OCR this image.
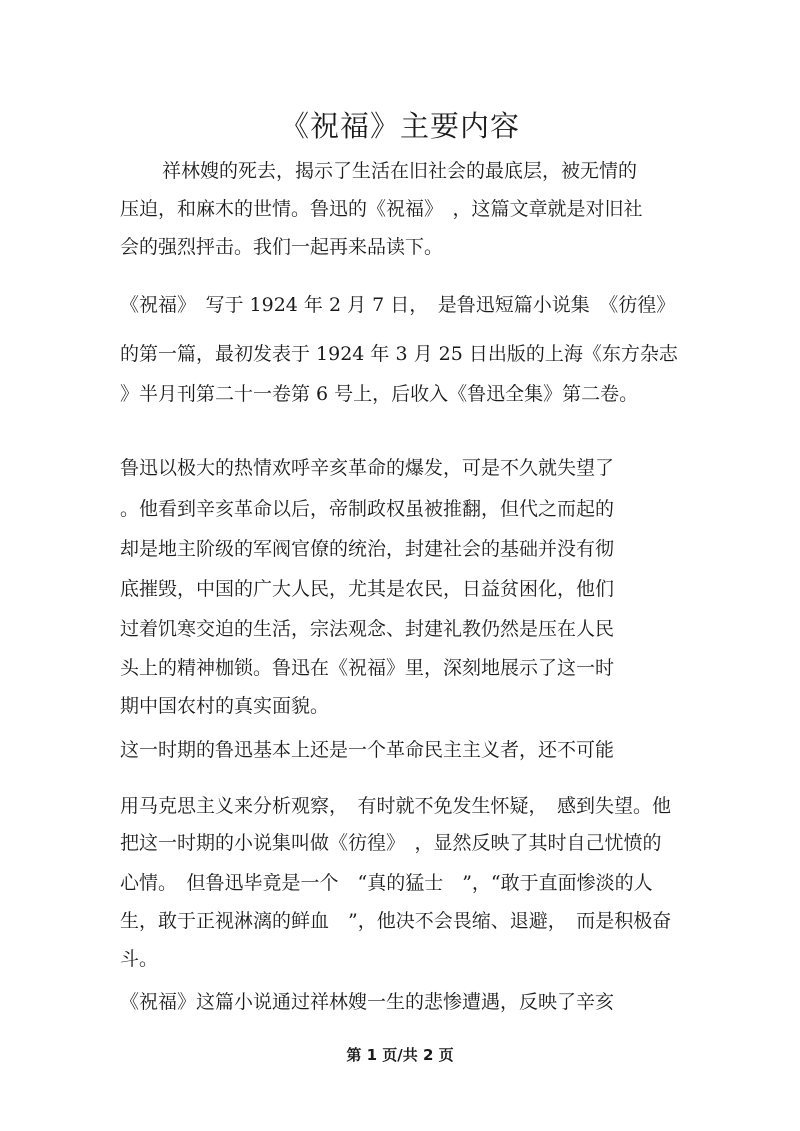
《祝福》主要内容

祥林嫂的死去，揭示了生活在旧社会的最底层，被无情的

压迫，和麻木的世情。鲁迅的《祝福》　，这篇文章就是对旧社

会的强烈抨击。我们一起再来品读下。

《祝福》　写于 1924 年 2 月 7 日，　是鲁迅短篇小说集　《彷徨》

的第一篇，最初发表于 1924 年 3 月 25 日出版的上海《东方杂志

》半月刊第二十一卷第 6 号上，后收入《鲁迅全集》第二卷。

鲁迅以极大的热情欢呼辛亥革命的爆发，可是不久就失望了

。他看到辛亥革命以后，帝制政权虽被推翻，但代之而起的

却是地主阶级的军阀官僚的统治，封建社会的基础并没有彻

底摧毁，中国的广大人民，尤其是农民，日益贫困化，他们

过着饥寒交迫的生活，宗法观念、封建礼教仍然是压在人民

头上的精神枷锁。鲁迅在《祝福》里，深刻地展示了这一时

期中国农村的真实面貌。

这一时期的鲁迅基本上还是一个革命民主主义者，还不可能

用马克思主义来分析观察，　有时就不免发生怀疑，　感到失望。他

把这一时期的小说集叫做《彷徨》　，显然反映了其时自己忧愤的

心情。　但鲁迅毕竟是一个　“真的猛士　”，“敢于直面惨淡的人

生，敢于正视淋漓的鲜血　”，他决不会畏缩、退避，　而是积极奋

斗。

《祝福》这篇小说通过祥林嫂一生的悲惨遭遇，反映了辛亥

第 1 页/共 2 页
